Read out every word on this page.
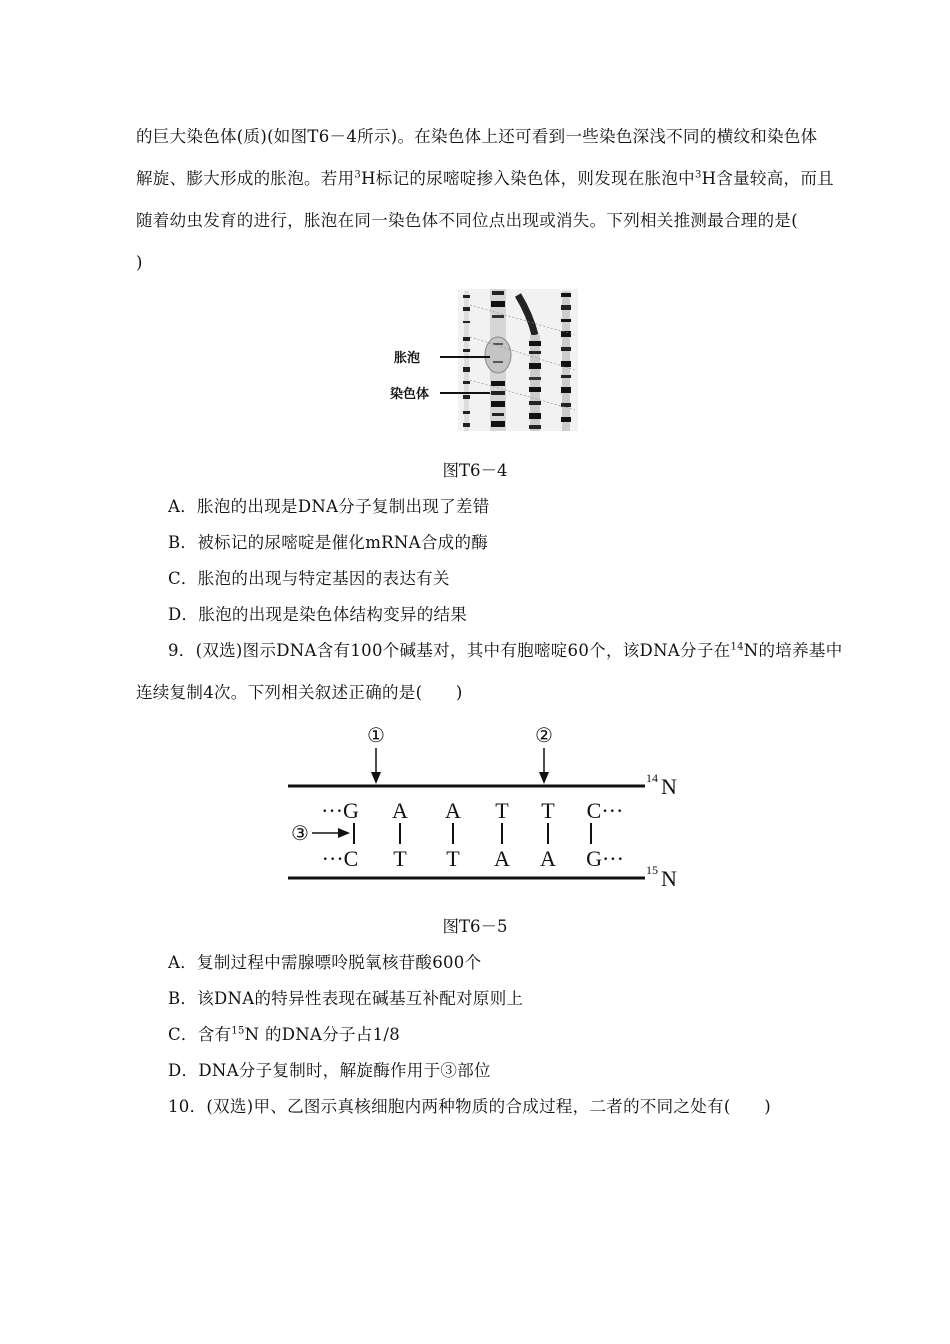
的巨大染色体(质)(如图T6－4所示)。在染色体上还可看到一些染色深浅不同的横纹和染色体
解旋、膨大形成的胀泡。若用$^3$H标记的尿嘧啶掺入染色体，则发现在胀泡中$^3$H含量较高，而且
随着幼虫发育的进行，胀泡在同一染色体不同位点出现或消失。下列相关推测最合理的是(
)
胀泡
染色体
图T6－4
A．胀泡的出现是DNA分子复制出现了差错
B．被标记的尿嘧啶是催化mRNA合成的酶
C．胀泡的出现与特定基因的表达有关
D．胀泡的出现是染色体结构变异的结果
9．(双选)图示DNA含有100个碱基对，其中有胞嘧啶60个，该DNA分子在$^{14}$N的培养基中
连续复制4次。下列相关叙述正确的是(　　)
14 N
15 N
①	②
···G A A T T C···
③
···C T T A A G···
图T6－5
A．复制过程中需腺嘌呤脱氧核苷酸600个
B．该DNA的特异性表现在碱基互补配对原则上
C．含有$^{15}$N 的DNA分子占1/8
D．DNA分子复制时，解旋酶作用于③部位
10．(双选)甲、乙图示真核细胞内两种物质的合成过程，二者的不同之处有(　　)
